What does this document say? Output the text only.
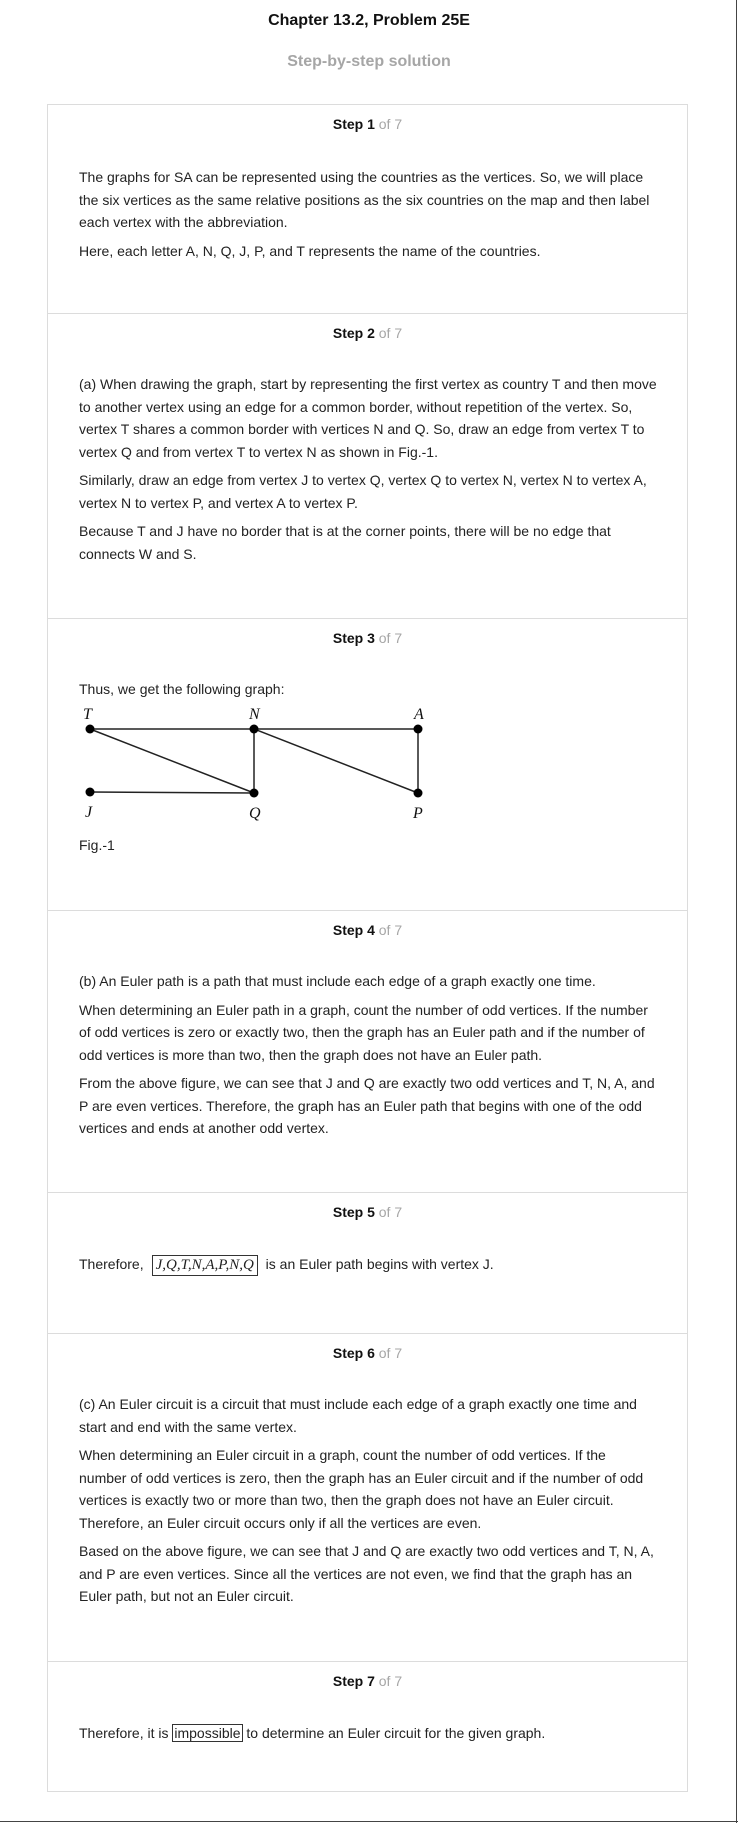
Chapter 13.2, Problem 25E
Step-by-step solution
Step 1 of 7

The graphs for SA can be represented using the countries as the vertices. So, we will place the six vertices as the same relative positions as the six countries on the map and then label each vertex with the abbreviation.

Here, each letter A, N, Q, J, P, and T represents the name of the countries.

Step 2 of 7

(a) When drawing the graph, start by representing the first vertex as country T and then move to another vertex using an edge for a common border, without repetition of the vertex. So, vertex T shares a common border with vertices N and Q. So, draw an edge from vertex T to vertex Q and from vertex T to vertex N as shown in Fig.-1.

Similarly, draw an edge from vertex J to vertex Q, vertex Q to vertex N, vertex N to vertex A, vertex N to vertex P, and vertex A to vertex P.

Because T and J have no border that is at the corner points, there will be no edge that connects W and S.

Step 3 of 7

Thus, we get the following graph:

T	N	A
J	Q	P
Fig.-1
Step 4 of 7

(b) An Euler path is a path that must include each edge of a graph exactly one time.

When determining an Euler path in a graph, count the number of odd vertices. If the number of odd vertices is zero or exactly two, then the graph has an Euler path and if the number of odd vertices is more than two, then the graph does not have an Euler path.

From the above figure, we can see that J and Q are exactly two odd vertices and T, N, A, and P are even vertices. Therefore, the graph has an Euler path that begins with one of the odd vertices and ends at another odd vertex.

Step 5 of 7

Therefore, J,Q,T,N,A,P,N,Q is an Euler path begins with vertex J.

Step 6 of 7

(c) An Euler circuit is a circuit that must include each edge of a graph exactly one time and start and end with the same vertex.

When determining an Euler circuit in a graph, count the number of odd vertices. If the number of odd vertices is zero, then the graph has an Euler circuit and if the number of odd vertices is exactly two or more than two, then the graph does not have an Euler circuit. Therefore, an Euler circuit occurs only if all the vertices are even.

Based on the above figure, we can see that J and Q are exactly two odd vertices and T, N, A, and P are even vertices. Since all the vertices are not even, we find that the graph has an Euler path, but not an Euler circuit.

Step 7 of 7

Therefore, it is impossible to determine an Euler circuit for the given graph.
